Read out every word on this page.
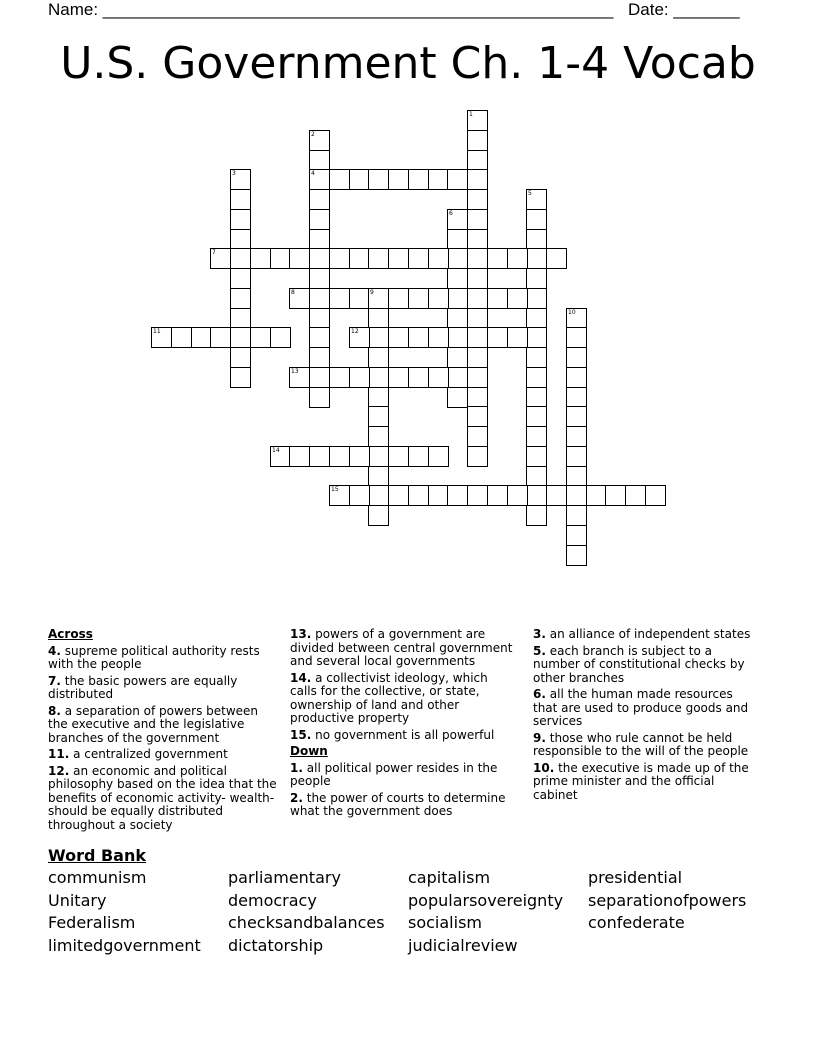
Name: ______________________________________________________ Date: _______
U.S. Government Ch. 1-4 Vocab
1
2
4
3
5
6
7
8	9
10
11	12
13
14
15
Across
4. supreme political authority rests with the people
7. the basic powers are equally distributed
8. a separation of powers between the executive and the legislative branches of the government
11. a centralized government
12. an economic and political philosophy based on the idea that the benefits of economic activity- wealth- should be equally distributed throughout a society
13. powers of a government are divided between central government and several local governments
14. a collectivist ideology, which calls for the collective, or state, ownership of land and other productive property
15. no government is all powerful
Down
1. all political power resides in the people
2. the power of courts to determine what the government does
3. an alliance of independent states
5. each branch is subject to a number of constitutional checks by other branches
6. all the human made resources that are used to produce goods and services
9. those who rule cannot be held responsible to the will of the people
10. the executive is made up of the prime minister and the official cabinet
Word Bank
communism	parliamentary	capitalism	presidential
Unitary	democracy	popularsovereignty	separationofpowers
Federalism	checksandbalances	socialism	confederate
limitedgovernment	dictatorship	judicialreview
